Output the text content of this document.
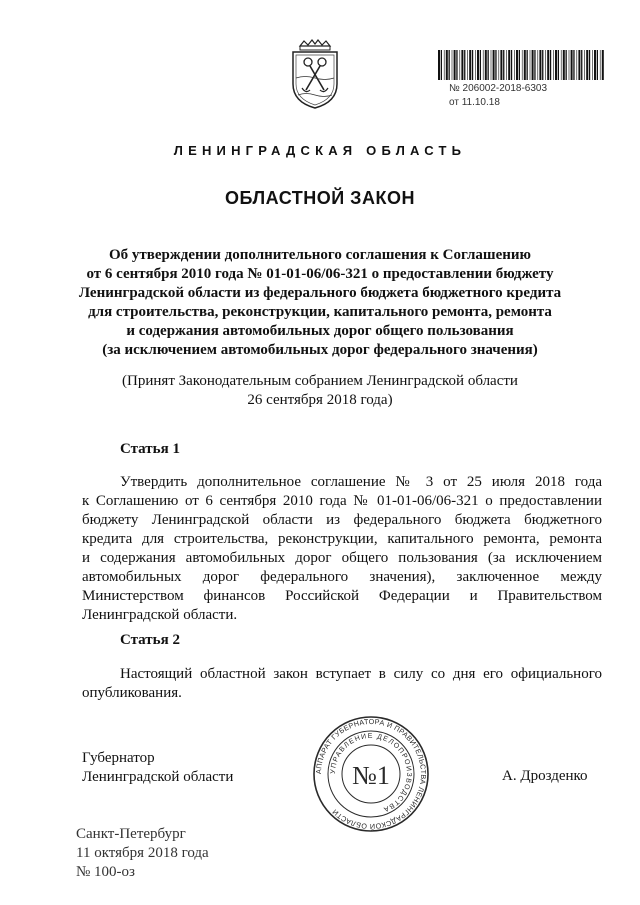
№ 206002-2018-6303
от 11.10.18
ЛЕНИНГРАДСКАЯ ОБЛАСТЬ
ОБЛАСТНОЙ ЗАКОН
Об утверждении дополнительного соглашения к Соглашению
от 6 сентября 2010 года № 01-01-06/06-321 о предоставлении бюджету
Ленинградской области из федерального бюджета бюджетного кредита
для строительства, реконструкции, капитального ремонта, ремонта
и содержания автомобильных дорог общего пользования
(за исключением автомобильных дорог федерального значения)
(Принят Законодательным собранием Ленинградской области
26 сентября 2018 года)
Статья 1
Утвердить дополнительное соглашение № 3 от 25 июля 2018 года
к Соглашению от 6 сентября 2010 года № 01-01-06/06-321 о предоставлении
бюджету Ленинградской области из федерального бюджета бюджетного
кредита для строительства, реконструкции, капитального ремонта, ремонта
и содержания автомобильных дорог общего пользования (за исключением
автомобильных дорог федерального значения), заключенное между
Министерством финансов Российской Федерации и Правительством
Ленинградской области.
Статья 2
Настоящий областной закон вступает в силу со дня его официального
опубликования.
Губернатор
Ленинградской области	А. Дрозденко
АППАРАТ ГУБЕРНАТОРА И ПРАВИТЕЛЬСТВА ЛЕНИНГРАДСКОЙ ОБЛАСТИ
УПРАВЛЕНИЕ ДЕЛОПРОИЗВОДСТВА
№1
Санкт-Петербург
11 октября 2018 года
№ 100-оз
